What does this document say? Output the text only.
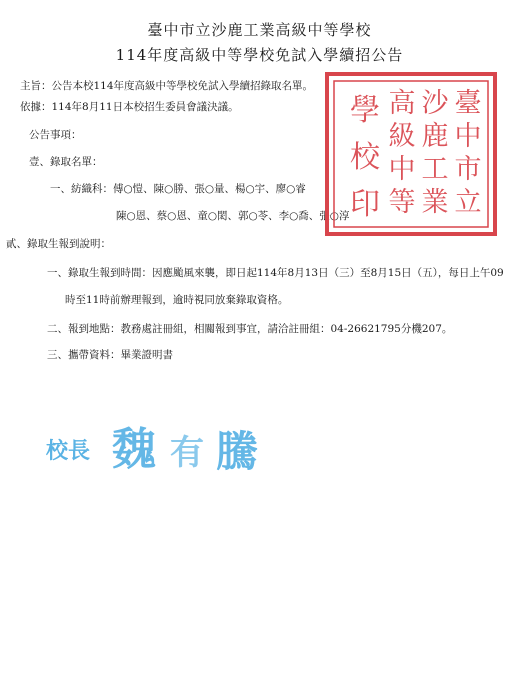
臺中市立沙鹿工業高級中等學校
114年度高級中等學校免試入學續招公告
主旨：公告本校114年度高級中等學校免試入學續招錄取名單。
依據：114年8月11日本校招生委員會議決議。
公告事項：
壹、錄取名單：
一、紡織科：傅○愷、陳○勝、張○量、楊○宇、廖○睿
陳○恩、蔡○恩、童○閎、郭○苓、李○喬、張○淳
貳、錄取生報到說明：
一、錄取生報到時間：因應颱風來襲，即日起114年8月13日（三）至8月15日（五），每日上午09
時至11時前辦理報到，逾時視同放棄錄取資格。
二、報到地點：教務處註冊組，相關報到事宜，請洽註冊組：04-26621795分機207。
三、攜帶資料：畢業證明書
臺
中
市
立
沙
鹿
工
業
高
級
中
等
學
校
印
校長 魏 有 騰
